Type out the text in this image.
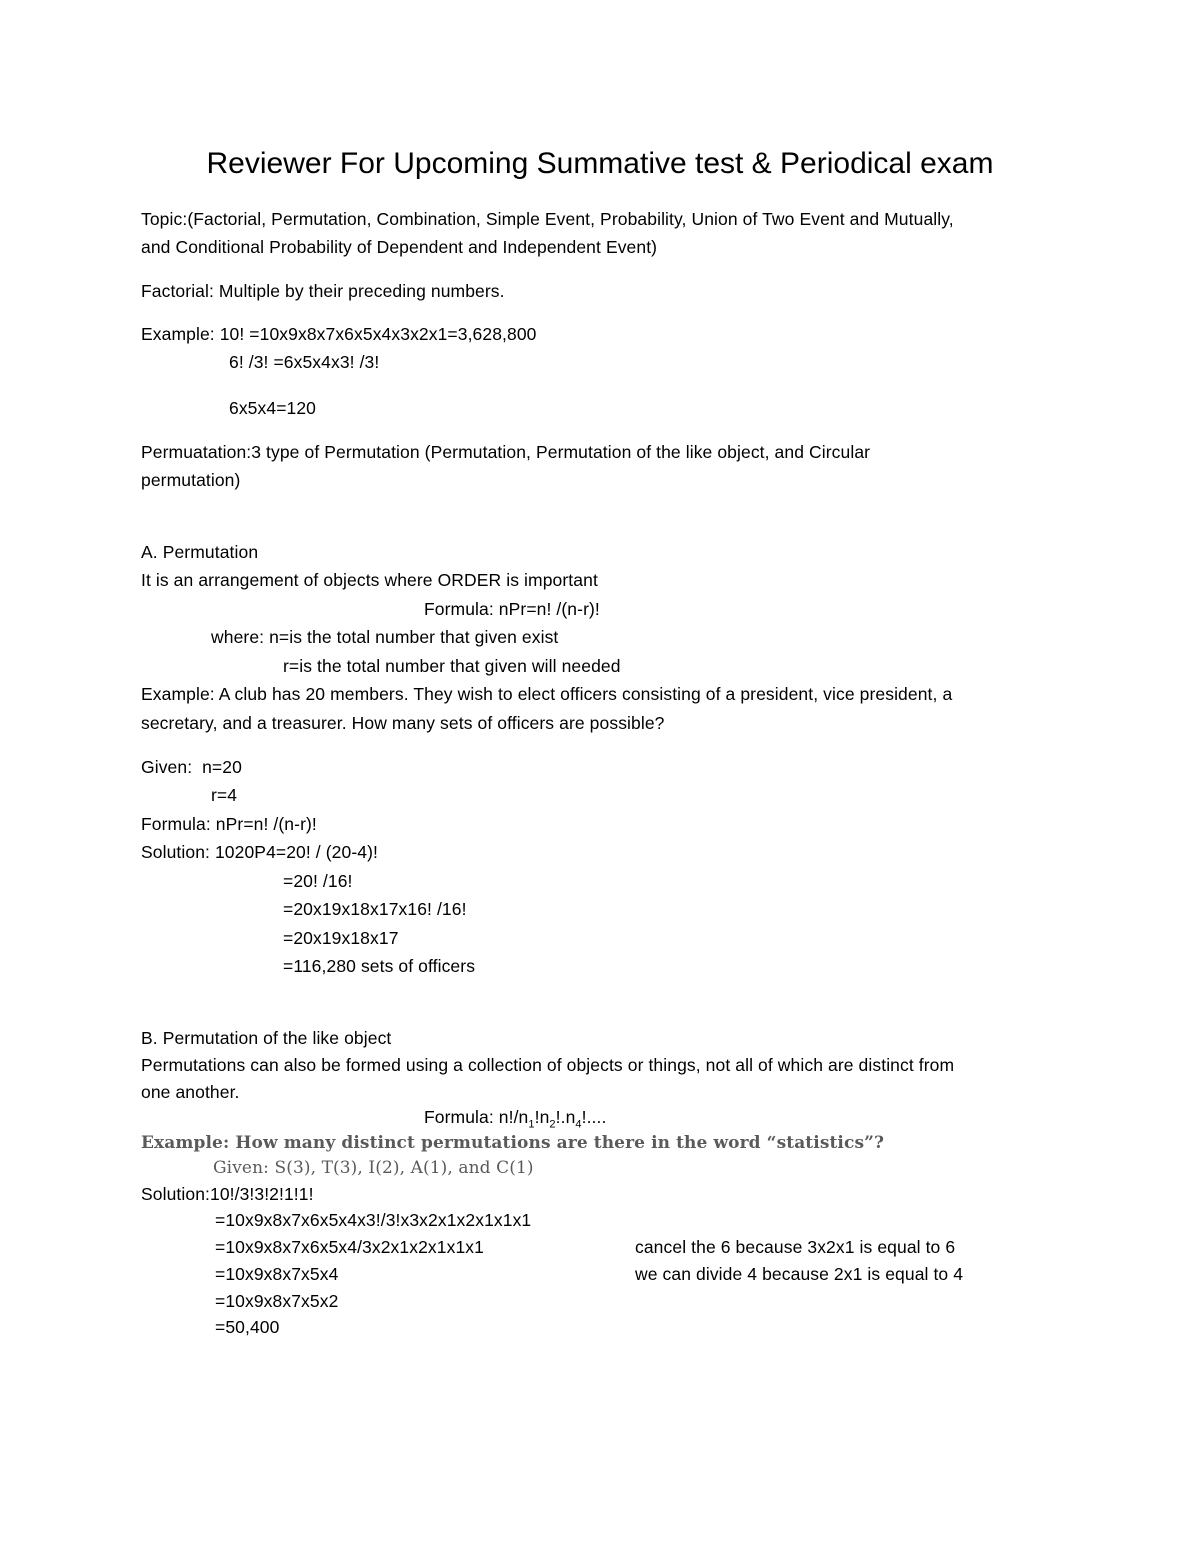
Reviewer For Upcoming Summative test & Periodical exam
Topic:(Factorial, Permutation, Combination, Simple Event, Probability, Union of Two Event and Mutually,
and Conditional Probability of Dependent and Independent Event)
Factorial: Multiple by their preceding numbers.
Example: 10! =10x9x8x7x6x5x4x3x2x1=3,628,800
6! /3! =6x5x4x3! /3!
6x5x4=120
Permuatation:3 type of Permutation (Permutation, Permutation of the like object, and Circular
permutation)
A. Permutation
It is an arrangement of objects where ORDER is important
Formula: nPr=n! /(n-r)!
where: n=is the total number that given exist
r=is the total number that given will needed
Example: A club has 20 members. They wish to elect officers consisting of a president, vice president, a
secretary, and a treasurer. How many sets of officers are possible?
Given:  n=20
r=4
Formula: nPr=n! /(n-r)!
Solution: 1020P4=20! / (20-4)!
=20! /16!
=20x19x18x17x16! /16!
=20x19x18x17
=116,280 sets of officers
B. Permutation of the like object
Permutations can also be formed using a collection of objects or things, not all of which are distinct from
one another.
Formula: $n!/n_1!n_2!.n_4$!....
Example: How many distinct permutations are there in the word “statistics”?
Given: S(3), T(3), I(2), A(1), and C(1)
Solution:10!/3!3!2!1!1!
=10x9x8x7x6x5x4x3!/3!x3x2x1x2x1x1x1
=10x9x8x7x6x5x4/3x2x1x2x1x1x1	cancel the 6 because 3x2x1 is equal to 6
=10x9x8x7x5x4	we can divide 4 because 2x1 is equal to 4
=10x9x8x7x5x2
=50,400
